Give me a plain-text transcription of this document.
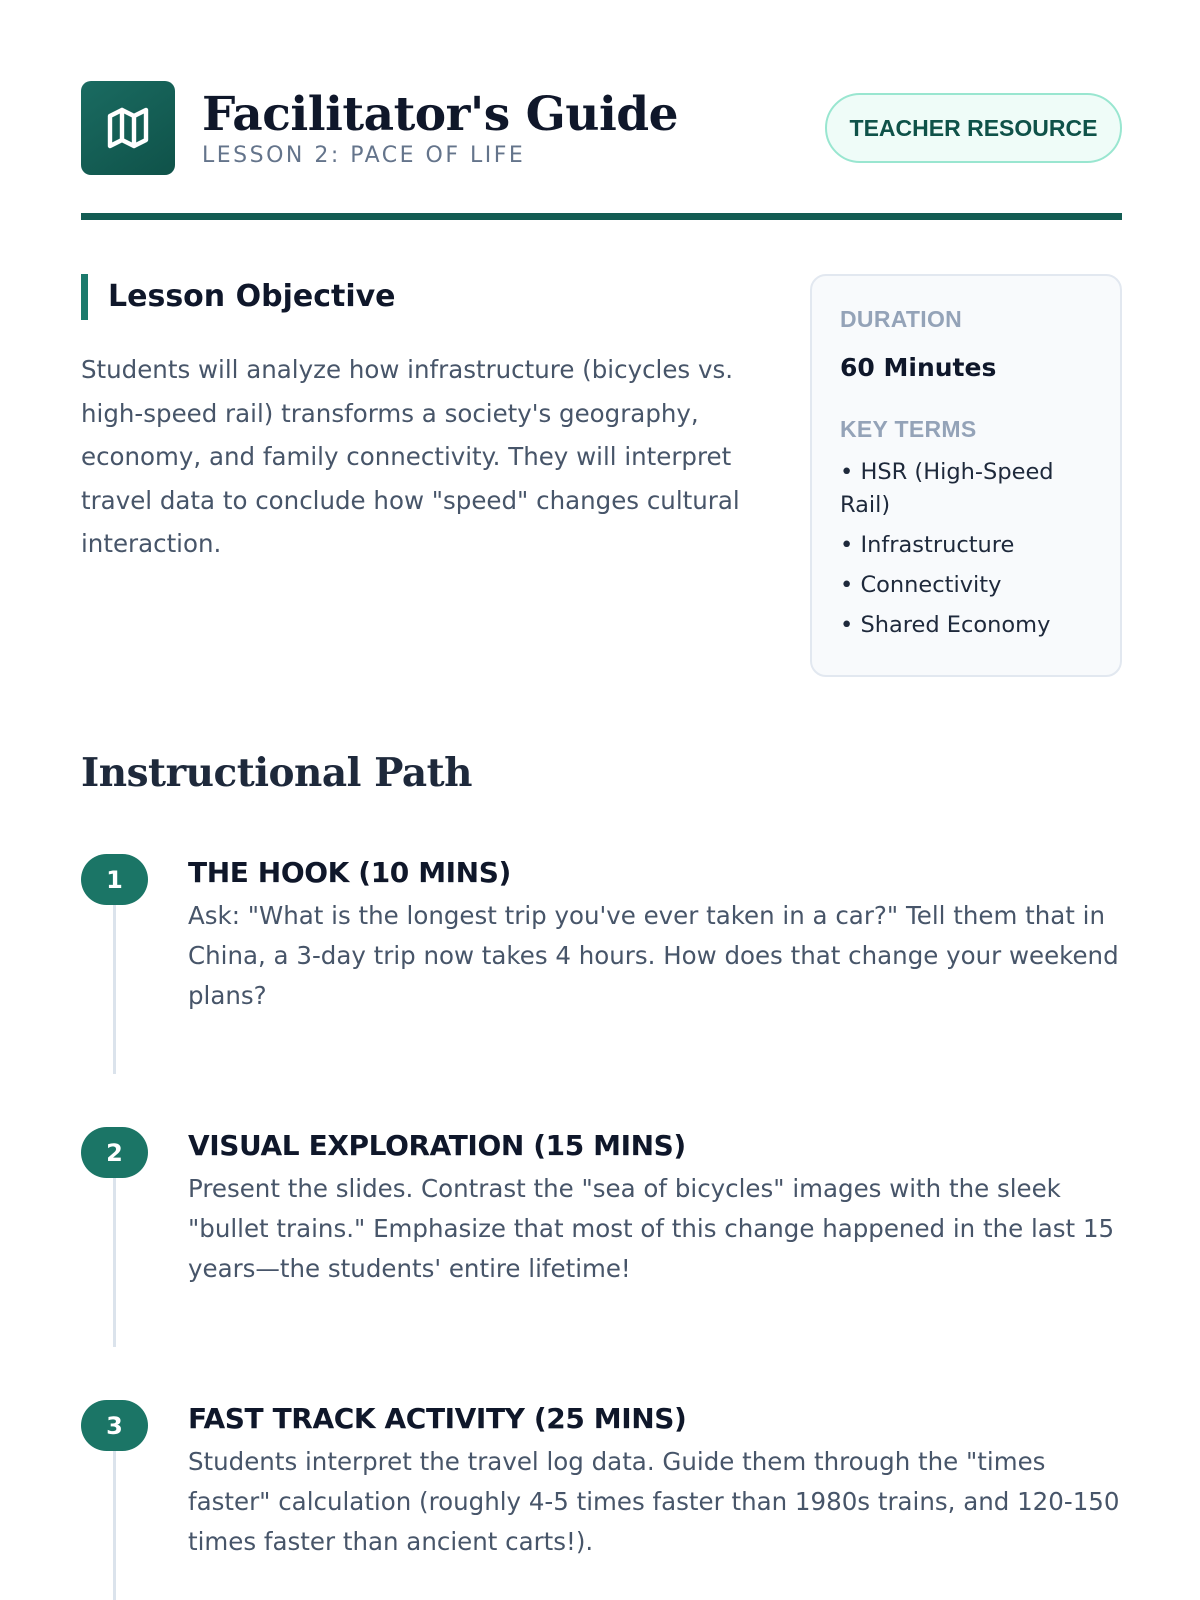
Facilitator's Guide
LESSON 2: PACE OF LIFE
TEACHER RESOURCE
Lesson Objective

Students will analyze how infrastructure (bicycles vs. high-speed rail) transforms a society's geography, economy, and family connectivity. They will interpret travel data to conclude how "speed" changes cultural interaction.

DURATION
60 Minutes
KEY TERMS
• HSR (High-Speed Rail)
• Infrastructure
• Connectivity
• Shared Economy
Instructional Path
1	THE HOOK (10 MINS)

Ask: "What is the longest trip you've ever taken in a car?" Tell them that in China, a 3-day trip now takes 4 hours. How does that change your weekend plans?

2	VISUAL EXPLORATION (15 MINS)

Present the slides. Contrast the "sea of bicycles" images with the sleek "bullet trains." Emphasize that most of this change happened in the last 15 years—the students' entire lifetime!

3	FAST TRACK ACTIVITY (25 MINS)

Students interpret the travel log data. Guide them through the "times faster" calculation (roughly 4-5 times faster than 1980s trains, and 120-150 times faster than ancient carts!).
